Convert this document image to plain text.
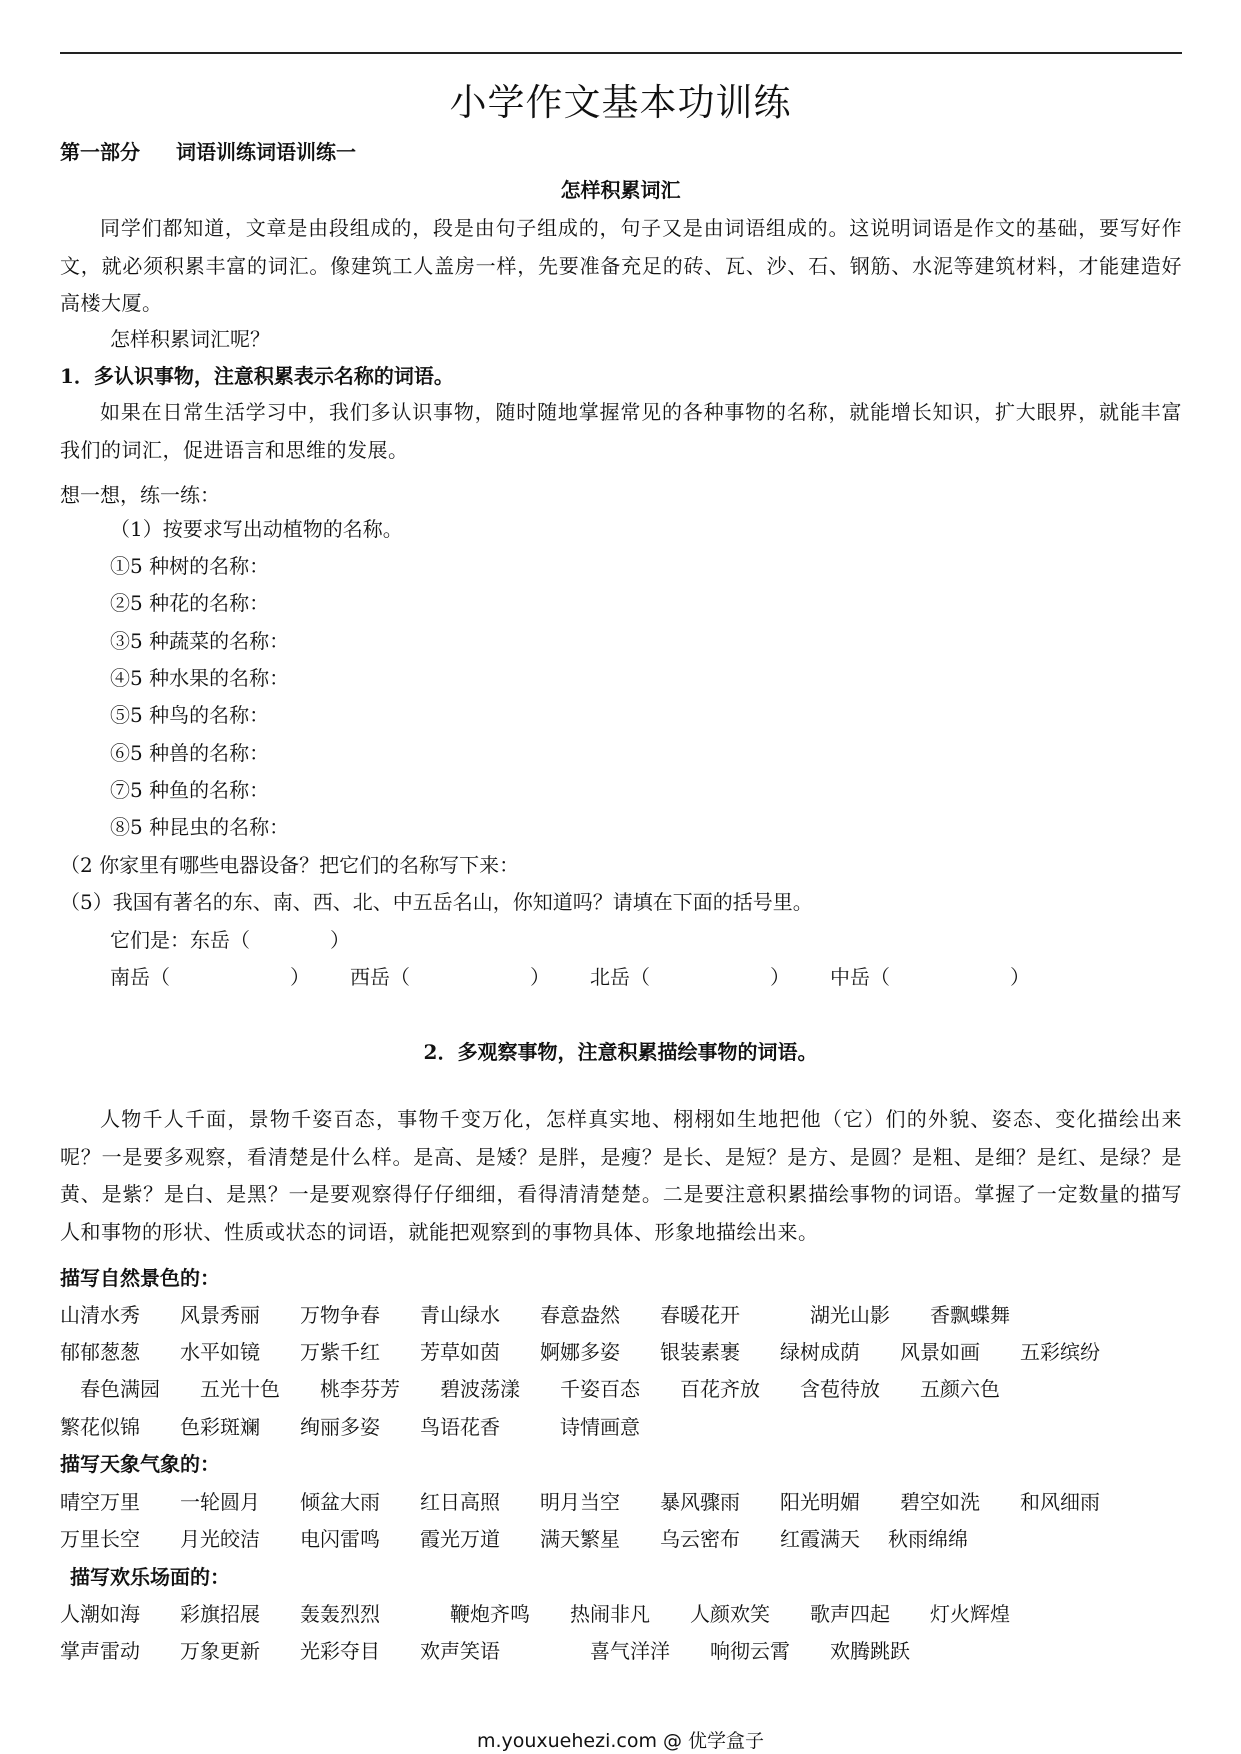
小学作文基本功训练
第一部分 词语训练词语训练一
怎样积累词汇
同学们都知道，文章是由段组成的，段是由句子组成的，句子又是由词语组成的。这说明词语是作文的基础，要写好作文，就必须积累丰富的词汇。像建筑工人盖房一样，先要准备充足的砖、瓦、沙、石、钢筋、水泥等建筑材料，才能建造好高楼大厦。
怎样积累词汇呢？
1．多认识事物，注意积累表示名称的词语。
如果在日常生活学习中，我们多认识事物，随时随地掌握常见的各种事物的名称，就能增长知识，扩大眼界，就能丰富我们的词汇，促进语言和思维的发展。
想一想，练一练：
（1）按要求写出动植物的名称。
①5 种树的名称：
②5 种花的名称：
③5 种蔬菜的名称：
④5 种水果的名称：
⑤5 种鸟的名称：
⑥5 种兽的名称：
⑦5 种鱼的名称：
⑧5 种昆虫的名称：
（2 你家里有哪些电器设备？把它们的名称写下来：
（5）我国有著名的东、南、西、北、中五岳名山，你知道吗？请填在下面的括号里。
它们是：东岳（　　　　）
南岳（　　　　　　） 西岳（　　　　　　） 北岳（　　　　　　） 中岳（　　　　　　）
2．多观察事物，注意积累描绘事物的词语。
人物千人千面，景物千姿百态，事物千变万化，怎样真实地、栩栩如生地把他（它）们的外貌、姿态、变化描绘出来呢？一是要多观察，看清楚是什么样。是高、是矮？是胖，是瘦？是长、是短？是方、是圆？是粗、是细？是红、是绿？是黄、是紫？是白、是黑？一是要观察得仔仔细细，看得清清楚楚。二是要注意积累描绘事物的词语。掌握了一定数量的描写人和事物的形状、性质或状态的词语，就能把观察到的事物具体、形象地描绘出来。
描写自然景色的：
山清水秀 风景秀丽 万物争春 青山绿水 春意盎然 春暖花开	湖光山影 香飘蝶舞
郁郁葱葱 水平如镜 万紫千红 芳草如茵 婀娜多姿 银装素裹 绿树成荫 风景如画 五彩缤纷
春色满园 五光十色 桃李芬芳 碧波荡漾 千姿百态 百花齐放 含苞待放 五颜六色
繁花似锦 色彩斑斓 绚丽多姿 鸟语花香	诗情画意
描写天象气象的：
晴空万里 一轮圆月 倾盆大雨 红日高照 明月当空 暴风骤雨 阳光明媚 碧空如洗 和风细雨
万里长空 月光皎洁 电闪雷鸣 霞光万道 满天繁星 乌云密布 红霞满天 秋雨绵绵
描写欢乐场面的：
人潮如海 彩旗招展 轰轰烈烈	鞭炮齐鸣 热闹非凡 人颜欢笑 歌声四起 灯火辉煌
掌声雷动 万象更新 光彩夺目 欢声笑语	喜气洋洋 响彻云霄 欢腾跳跃
m.youxuehezi.com @ 优学盒子
